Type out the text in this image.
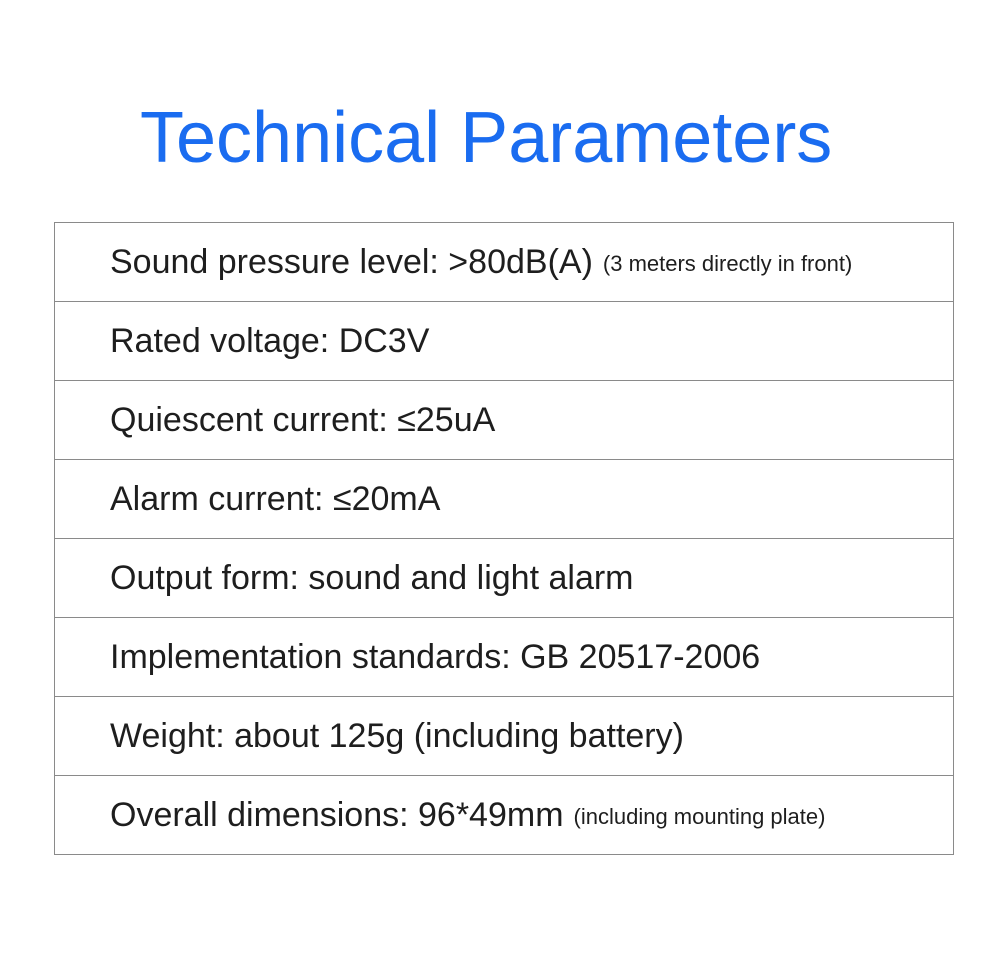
Technical Parameters
Sound pressure level: >80dB(A) (3 meters directly in front)
Rated voltage: DC3V
Quiescent current: ≤25uA
Alarm current: ≤20mA
Output form: sound and light alarm
Implementation standards: GB 20517-2006
Weight: about 125g (including battery)
Overall dimensions: 96*49mm (including mounting plate)
